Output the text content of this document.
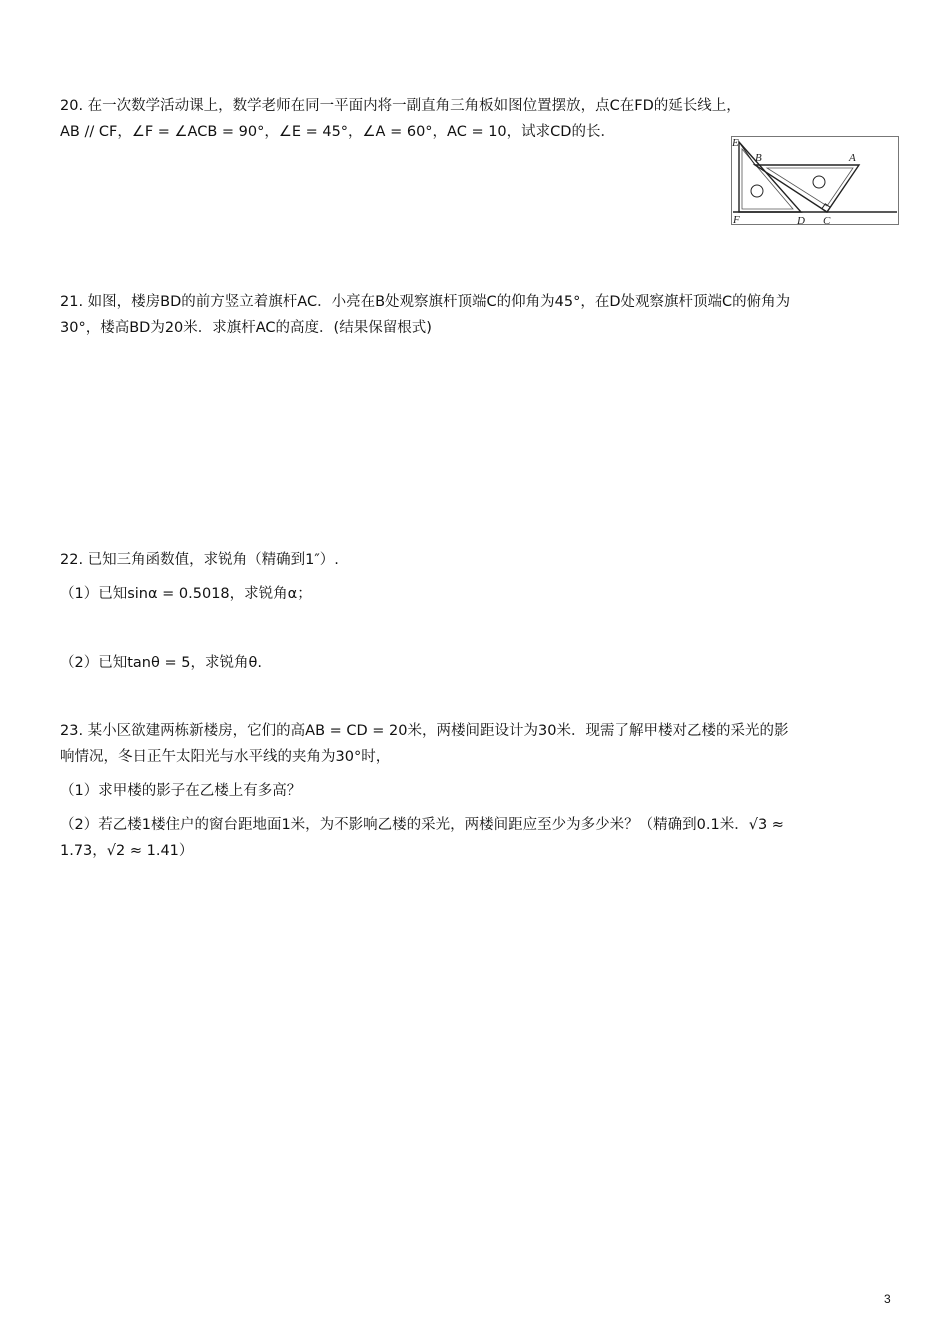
20. 在一次数学活动课上，数学老师在同一平面内将一副直角三角板如图位置摆放，点C在FD的延长线上，
AB // CF，∠F = ∠ACB = 90°，∠E = 45°，∠A = 60°，AC = 10，试求CD的长．
E
B	A
F	D C
21. 如图，楼房BD的前方竖立着旗杆AC．小亮在B处观察旗杆顶端C的仰角为45°，在D处观察旗杆顶端C的俯角为
30°，楼高BD为20米．求旗杆AC的高度．(结果保留根式)
22. 已知三角函数值，求锐角（精确到1″）.
（1）已知sinα = 0.5018，求锐角α；
（2）已知tanθ = 5，求锐角θ.
23. 某小区欲建两栋新楼房，它们的高AB = CD = 20米，两楼间距设计为30米．现需了解甲楼对乙楼的采光的影
响情况，冬日正午太阳光与水平线的夹角为30°时，
（1）求甲楼的影子在乙楼上有多高？
（2）若乙楼1楼住户的窗台距地面1米，为不影响乙楼的采光，两楼间距应至少为多少米？（精确到0.1米．√3 ≈
1.73，√2 ≈ 1.41）
3
